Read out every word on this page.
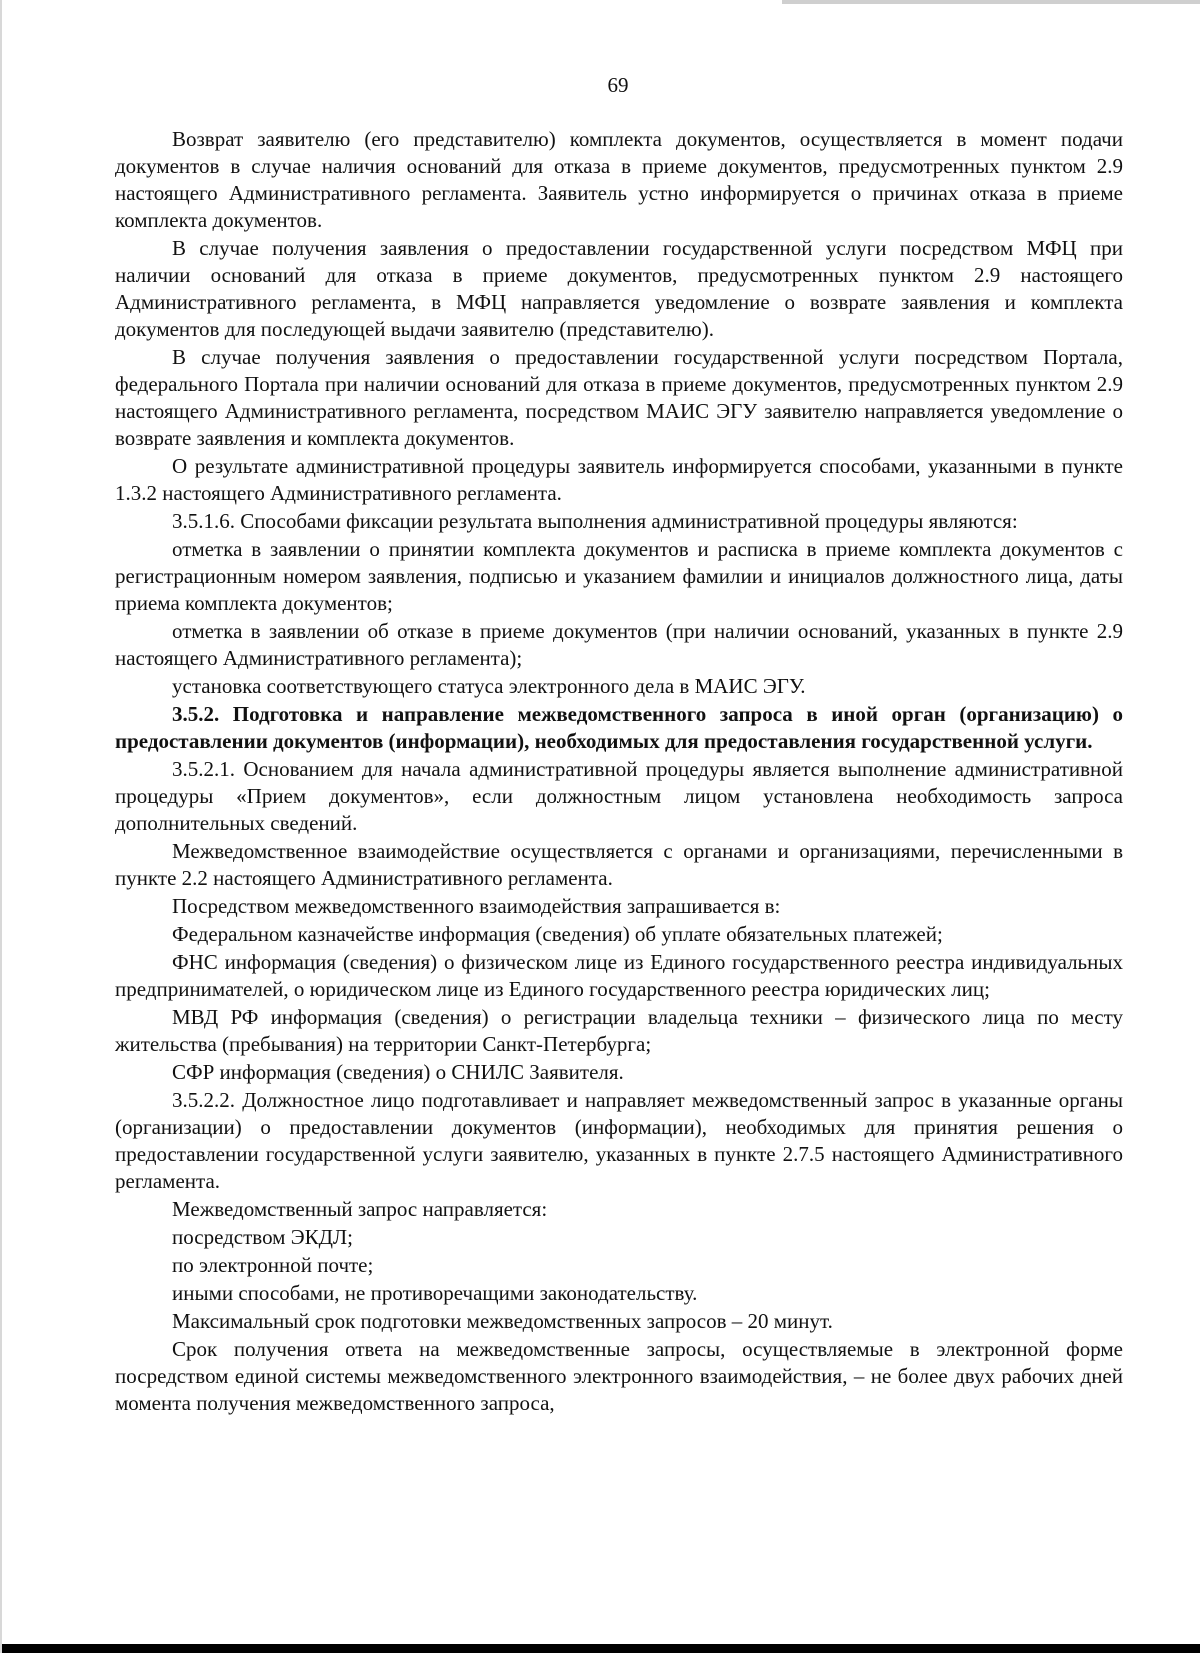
69

Возврат заявителю (его представителю) комплекта документов, осуществляется в момент подачи документов в случае наличия оснований для отказа в приеме документов, предусмотренных пунктом 2.9 настоящего Административного регламента. Заявитель устно информируется о причинах отказа в приеме комплекта документов.

В случае получения заявления о предоставлении государственной услуги посредством МФЦ при наличии оснований для отказа в приеме документов, предусмотренных пунктом 2.9 настоящего Административного регламента, в МФЦ направляется уведомление о возврате заявления и комплекта документов для последующей выдачи заявителю (представителю).

В случае получения заявления о предоставлении государственной услуги посредством Портала, федерального Портала при наличии оснований для отказа в приеме документов, предусмотренных пунктом 2.9 настоящего Административного регламента, посредством МАИС ЭГУ заявителю направляется уведомление о возврате заявления и комплекта документов.

О результате административной процедуры заявитель информируется способами, указанными в пункте 1.3.2 настоящего Административного регламента.

3.5.1.6. Способами фиксации результата выполнения административной процедуры являются:

отметка в заявлении о принятии комплекта документов и расписка в приеме комплекта документов с регистрационным номером заявления, подписью и указанием фамилии и инициалов должностного лица, даты приема комплекта документов;

отметка в заявлении об отказе в приеме документов (при наличии оснований, указанных в пункте 2.9 настоящего Административного регламента);

установка соответствующего статуса электронного дела в МАИС ЭГУ.

3.5.2. Подготовка и направление межведомственного запроса в иной орган (организацию) о предоставлении документов (информации), необходимых для предоставления государственной услуги.

3.5.2.1. Основанием для начала административной процедуры является выполнение административной процедуры «Прием документов», если должностным лицом установлена необходимость запроса дополнительных сведений.

Межведомственное взаимодействие осуществляется с органами и организациями, перечисленными в пункте 2.2 настоящего Административного регламента.

Посредством межведомственного взаимодействия запрашивается в:

Федеральном казначействе информация (сведения) об уплате обязательных платежей;

ФНС информация (сведения) о физическом лице из Единого государственного реестра индивидуальных предпринимателей, о юридическом лице из Единого государственного реестра юридических лиц;

МВД РФ информация (сведения) о регистрации владельца техники – физического лица по месту жительства (пребывания) на территории Санкт-Петербурга;

СФР информация (сведения) о СНИЛС Заявителя.

3.5.2.2. Должностное лицо подготавливает и направляет межведомственный запрос в указанные органы (организации) о предоставлении документов (информации), необходимых для принятия решения о предоставлении государственной услуги заявителю, указанных в пункте 2.7.5 настоящего Административного регламента.

Межведомственный запрос направляется:

посредством ЭКДЛ;

по электронной почте;

иными способами, не противоречащими законодательству.

Максимальный срок подготовки межведомственных запросов – 20 минут.

Срок получения ответа на межведомственные запросы, осуществляемые в электронной форме посредством единой системы межведомственного электронного взаимодействия, – не более двух рабочих дней момента получения межведомственного запроса,
